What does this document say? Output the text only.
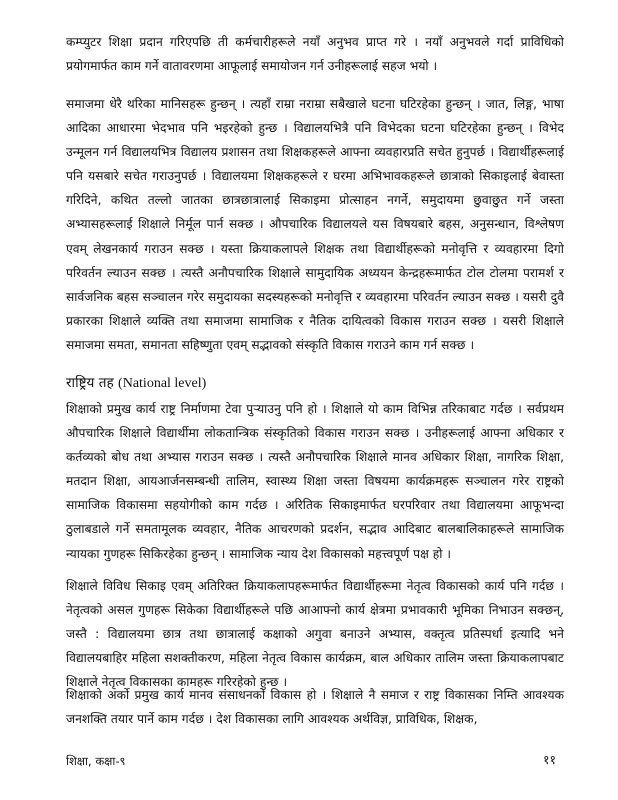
कम्प्युटर शिक्षा प्रदान गरिएपछि ती कर्मचारीहरूले नयाँ अनुभव प्राप्त गरे । नयाँ अनुभवले गर्दा प्राविधिको प्रयोगमार्फत काम गर्ने वातावरणमा आफूलाई समायोजन गर्न उनीहरूलाई सहज भयो ।

समाजमा धेरै थरिका मानिसहरू हुन्छन् । त्यहाँ राम्रा नराम्रा सबैखाले घटना घटिरहेका हुन्छन् । जात, लिङ्ग, भाषा आदिका आधारमा भेदभाव पनि भइरहेको हुन्छ । विद्यालयभित्रै पनि विभेदका घटना घटिरहेका हुन्छन् । विभेद उन्मूलन गर्न विद्यालयभित्र विद्यालय प्रशासन तथा शिक्षकहरूले आफ्ना व्यवहारप्रति सचेत हुनुपर्छ । विद्यार्थीहरूलाई पनि यसबारे सचेत गराउनुपर्छ । विद्यालयमा शिक्षकहरूले र घरमा अभिभावकहरूले छात्राको सिकाइलाई बेवास्ता गरिदिने, कथित तल्लो जातका छात्रछात्रालाई सिकाइमा प्रोत्साहन नगर्ने, समुदायमा छुवाछुत गर्ने जस्ता अभ्यासहरूलाई शिक्षाले निर्मूल पार्न सक्छ । औपचारिक विद्यालयले यस विषयबारे बहस, अनुसन्धान, विश्लेषण एवम् लेखनकार्य गराउन सक्छ । यस्ता क्रियाकलापले शिक्षक तथा विद्यार्थीहरूको मनोवृत्ति र व्यवहारमा दिगो परिवर्तन ल्याउन सक्छ । त्यस्तै अनौपचारिक शिक्षाले सामुदायिक अध्ययन केन्द्रहरूमार्फत टोल टोलमा परामर्श र सार्वजनिक बहस सञ्चालन गरेर समुदायका सदस्यहरूको मनोवृत्ति र व्यवहारमा परिवर्तन ल्याउन सक्छ । यसरी दुवै प्रकारका शिक्षाले व्यक्ति तथा समाजमा सामाजिक र नैतिक दायित्वको विकास गराउन सक्छ । यसरी शिक्षाले समाजमा समता, समानता सहिष्णुता एवम् सद्भावको संस्कृति विकास गराउने काम गर्न सक्छ ।

राष्ट्रिय तह (National level)

शिक्षाको प्रमुख कार्य राष्ट्र निर्माणमा टेवा पुऱ्याउनु पनि हो । शिक्षाले यो काम विभिन्न तरिकाबाट गर्दछ । सर्वप्रथम औपचारिक शिक्षाले विद्यार्थीमा लोकतान्त्रिक संस्कृतिको विकास गराउन सक्छ । उनीहरूलाई आफ्ना अधिकार र कर्तव्यको बोध तथा अभ्यास गराउन सक्छ । त्यस्तै अनौपचारिक शिक्षाले मानव अधिकार शिक्षा, नागरिक शिक्षा, मतदान शिक्षा, आयआर्जनसम्बन्धी तालिम, स्वास्थ्य शिक्षा जस्ता विषयमा कार्यक्रमहरू सञ्चालन गरेर राष्ट्रको सामाजिक विकासमा सहयोगीको काम गर्दछ । अरितिक सिकाइमार्फत घरपरिवार तथा विद्यालयमा आफूभन्दा ठुलाबडाले गर्ने समतामूलक व्यवहार, नैतिक आचरणको प्रदर्शन, सद्भाव आदिबाट बालबालिकाहरूले सामाजिक न्यायका गुणहरू सिकिरहेका हुन्छन् । सामाजिक न्याय देश विकासको महत्त्वपूर्ण पक्ष हो ।

शिक्षाले विविध सिकाइ एवम् अतिरिक्त क्रियाकलापहरूमार्फत विद्यार्थीहरूमा नेतृत्व विकासको कार्य पनि गर्दछ । नेतृत्वको असल गुणहरू सिकेका विद्यार्थीहरूले पछि आआफ्नो कार्य क्षेत्रमा प्रभावकारी भूमिका निभाउन सक्छन्, जस्तै : विद्यालयमा छात्र तथा छात्रालाई कक्षाको अगुवा बनाउने अभ्यास, वक्तृत्व प्रतिस्पर्धा इत्यादि भने विद्यालयबाहिर महिला सशक्तीकरण, महिला नेतृत्व विकास कार्यक्रम, बाल अधिकार तालिम जस्ता क्रियाकलापबाट शिक्षाले नेतृत्व विकासका कामहरू गरिरहेको हुन्छ ।

शिक्षाको अर्को प्रमुख कार्य मानव संसाधनको विकास हो । शिक्षाले नै समाज र राष्ट्र विकासका निम्ति आवश्यक जनशक्ति तयार पार्ने काम गर्दछ । देश विकासका लागि आवश्यक अर्थविज्ञ, प्राविधिक, शिक्षक,

शिक्षा, कक्षा-९	११
